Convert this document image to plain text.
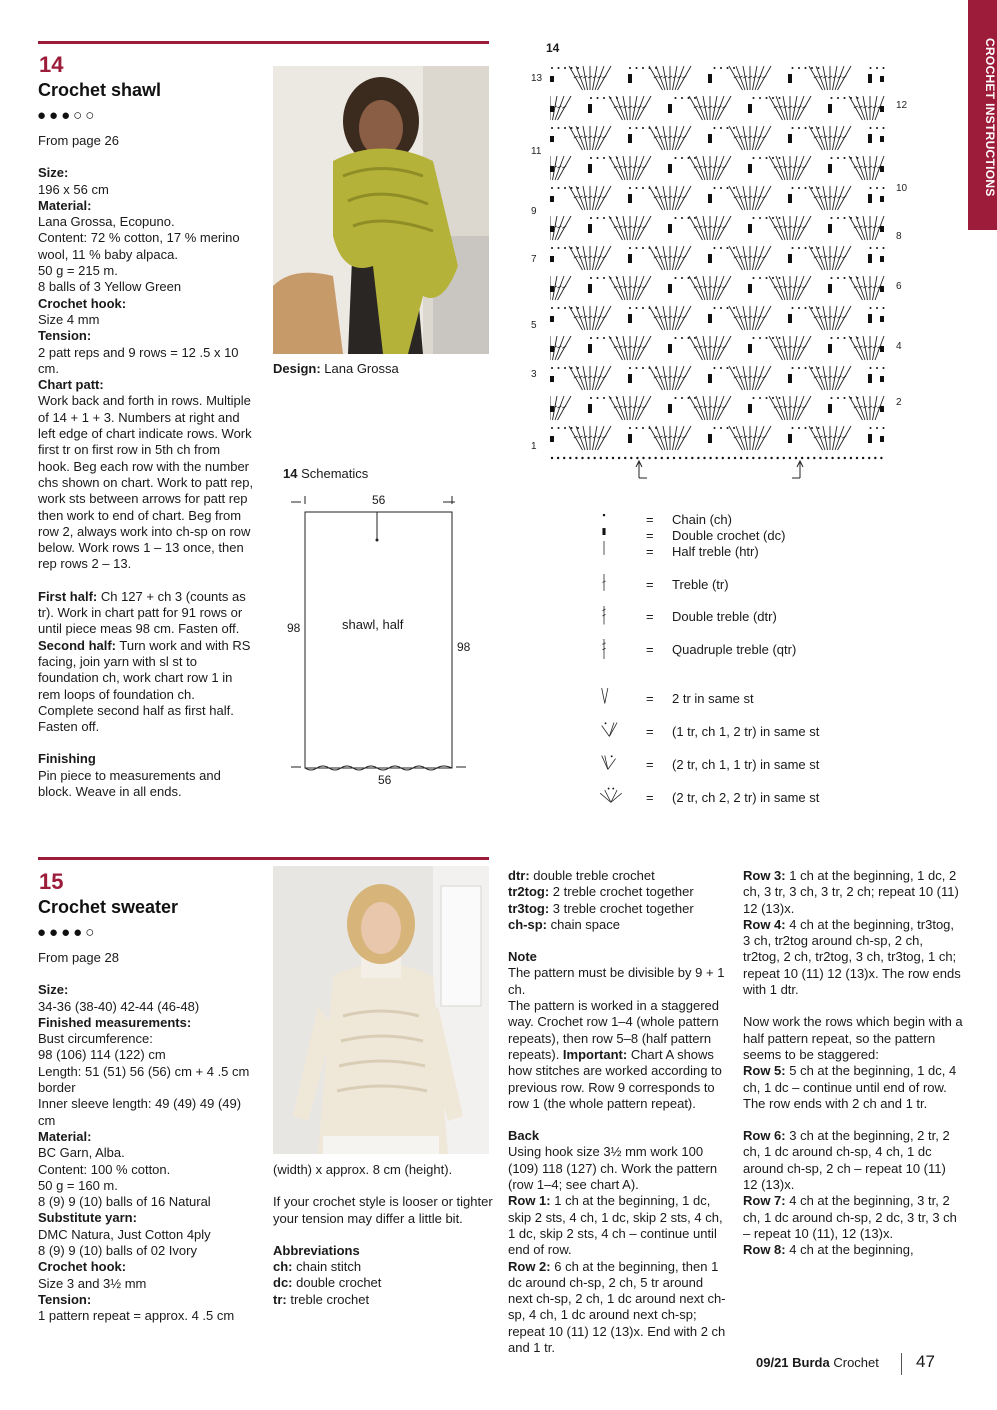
CROCHET INSTRUCTIONS
14
Crochet shawl
●●●○○

From page 26

Size:

196 x 56 cm

Material:

Lana Grossa, Ecopuno.

Content: 72 % cotton, 17 % merino wool, 11 % baby alpaca.

50 g = 215 m.

8 balls of 3 Yellow Green

Crochet hook:

Size 4 mm

Tension:

2 patt reps and 9 rows = 12 .5 x 10 cm.

Chart patt:

Work back and forth in rows. Multiple of 14 + 1 + 3. Numbers at right and left edge of chart indicate rows. Work first tr on first row in 5th ch from hook. Beg each row with the number chs shown on chart. Work to patt rep, work sts between arrows for patt rep then work to end of chart. Beg from row 2, always work into ch-sp on row below. Work rows 1 – 13 once, then rep rows 2 – 13.

First half: Ch 127 + ch 3 (counts as tr). Work in chart patt for 91 rows or until piece meas 98 cm. Fasten off.

Second half: Turn work and with RS facing, join yarn with sl st to foundation ch, work chart row 1 in rem loops of foundation ch. Complete second half as first half. Fasten off.

Finishing

Pin piece to measurements and block. Weave in all ends.

Design: Lana Grossa
14 Schematics
56
56
98
98
shawl, half
14
13
11
9
7
5
3
1
12
10
8
6
4
2
= Chain (ch)
= Double crochet (dc)
= Half treble (htr)
= Treble (tr)
= Double treble (dtr)
= Quadruple treble (qtr)
= 2 tr in same st
= (1 tr, ch 1, 2 tr) in same st
= (2 tr, ch 1, 1 tr) in same st
= (2 tr, ch 2, 2 tr) in same st
15
Crochet sweater
●●●●○

From page 28

Size:

34-36 (38-40) 42-44 (46-48)

Finished measurements:

Bust circumference:

98 (106) 114 (122) cm

Length: 51 (51) 56 (56) cm + 4 .5 cm border

Inner sleeve length: 49 (49) 49 (49) cm

Material:

BC Garn, Alba.

Content: 100 % cotton.

50 g = 160 m.

8 (9) 9 (10) balls of 16 Natural

Substitute yarn:

DMC Natura, Just Cotton 4ply

8 (9) 9 (10) balls of 02 Ivory

Crochet hook:

Size 3 and 3½ mm

Tension:

1 pattern repeat = approx. 4 .5 cm

(width) x approx. 8 cm (height).

If your crochet style is looser or tighter your tension may differ a little bit.

Abbreviations

ch: chain stitch

dc: double crochet

tr: treble crochet

dtr: double treble crochet

tr2tog: 2 treble crochet together

tr3tog: 3 treble crochet together

ch-sp: chain space

Note

The pattern must be divisible by 9 + 1 ch.

The pattern is worked in a staggered way. Crochet row 1–4 (whole pattern repeats), then row 5–8 (half pattern repeats). Important: Chart A shows how stitches are worked according to previous row. Row 9 corresponds to row 1 (the whole pattern repeat).

Back

Using hook size 3½ mm work 100 (109) 118 (127) ch. Work the pattern (row 1–4; see chart A).

Row 1: 1 ch at the beginning, 1 dc, skip 2 sts, 4 ch, 1 dc, skip 2 sts, 4 ch, 1 dc, skip 2 sts, 4 ch – continue until end of row.

Row 2: 6 ch at the beginning, then 1 dc around ch-sp, 2 ch, 5 tr around next ch-sp, 2 ch, 1 dc around next ch-sp, 4 ch, 1 dc around next ch-sp; repeat 10 (11) 12 (13)x. End with 2 ch and 1 tr.

Row 3: 1 ch at the beginning, 1 dc, 2 ch, 3 tr, 3 ch, 3 tr, 2 ch; repeat 10 (11) 12 (13)x.

Row 4: 4 ch at the beginning, tr3tog, 3 ch, tr2tog around ch-sp, 2 ch, tr2tog, 2 ch, tr2tog, 3 ch, tr3tog, 1 ch; repeat 10 (11) 12 (13)x. The row ends with 1 dtr.

Now work the rows which begin with a half pattern repeat, so the pattern seems to be staggered:

Row 5: 5 ch at the beginning, 1 dc, 4 ch, 1 dc – continue until end of row. The row ends with 2 ch and 1 tr.

Row 6: 3 ch at the beginning, 2 tr, 2 ch, 1 dc around ch-sp, 4 ch, 1 dc around ch-sp, 2 ch – repeat 10 (11) 12 (13)x.

Row 7: 4 ch at the beginning, 3 tr, 2 ch, 1 dc around ch-sp, 2 dc, 3 tr, 3 ch – repeat 10 (11), 12 (13)x.

Row 8: 4 ch at the beginning,

09/21 Burda Crochet 47
